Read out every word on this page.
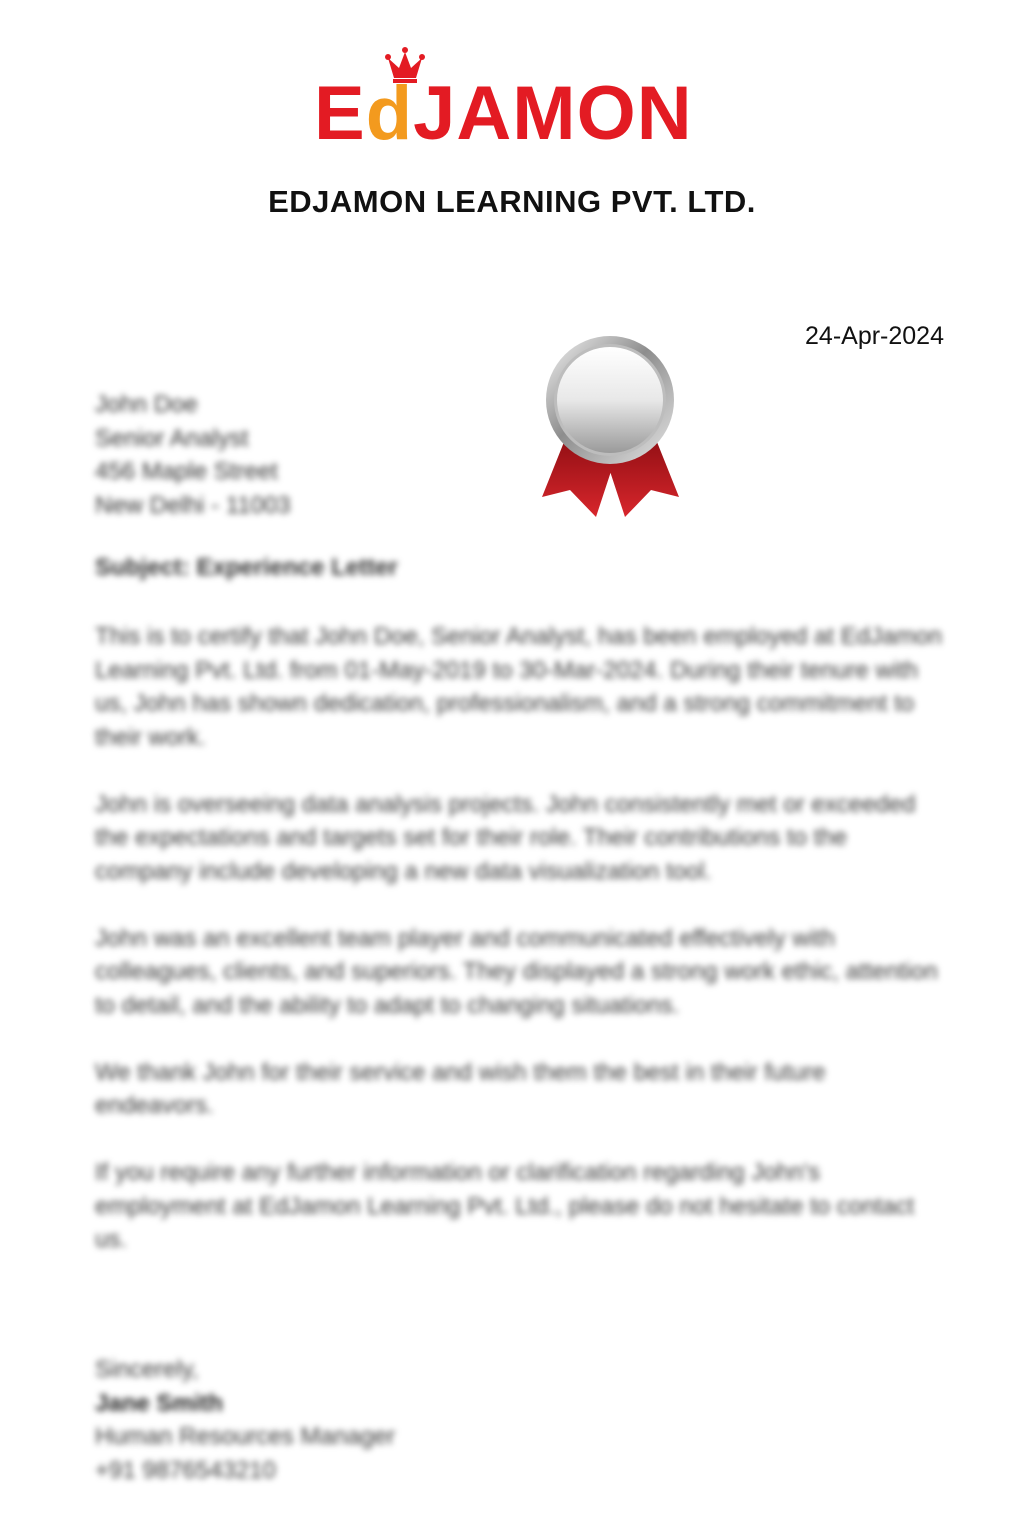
EdJAMON
EDJAMON LEARNING PVT. LTD.
24-Apr-2024
John Doe
Senior Analyst
456 Maple Street
New Delhi - 11003
Subject: Experience Letter

This is to certify that John Doe, Senior Analyst, has been employed at EdJamon Learning Pvt. Ltd. from 01-May-2019 to 30-Mar-2024. During their tenure with us, John has shown dedication, professionalism, and a strong commitment to their work.

John is overseeing data analysis projects. John consistently met or exceeded the expectations and targets set for their role. Their contributions to the company include developing a new data visualization tool.

John was an excellent team player and communicated effectively with colleagues, clients, and superiors. They displayed a strong work ethic, attention to detail, and the ability to adapt to changing situations.

We thank John for their service and wish them the best in their future endeavors.

If you require any further information or clarification regarding John's employment at EdJamon Learning Pvt. Ltd., please do not hesitate to contact us.

Sincerely,
Jane Smith
Human Resources Manager
+91 9876543210
